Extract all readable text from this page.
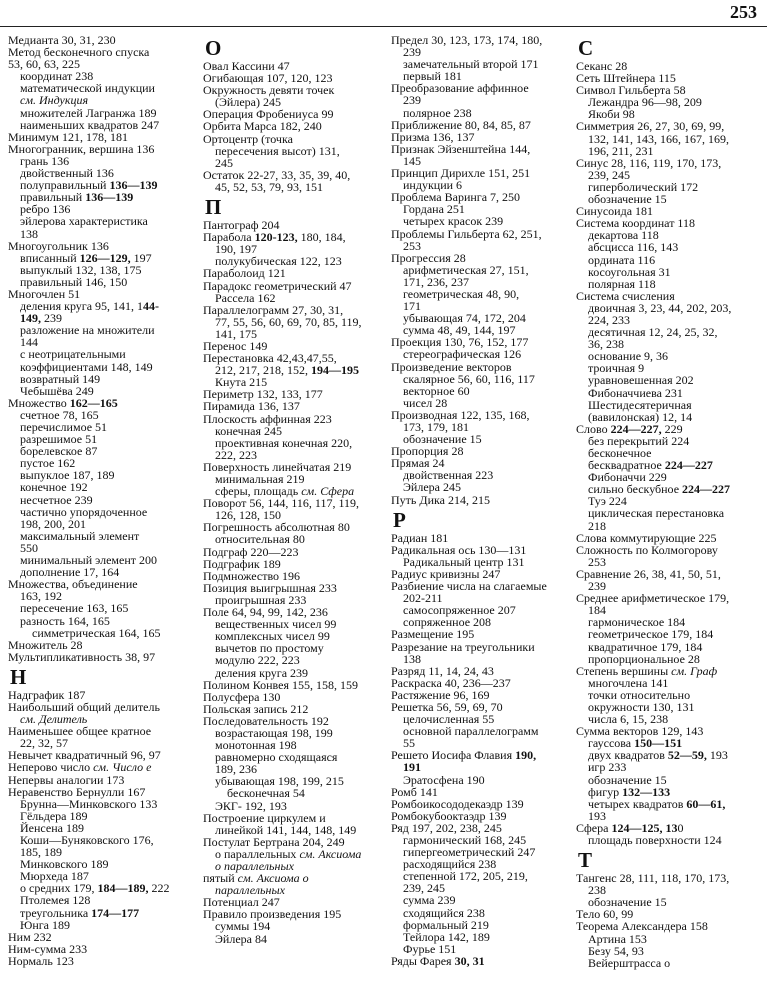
253
Медианта 30, 31, 230
Метод бесконечного спуска
53, 60, 63, 225
координат 238
математической индукции
см. Индукция
множителей Лагранжа 189
наименьших квадратов 247
Минимум 121, 178, 181
Многогранник, вершина 136
грань 136
двойственный 136
полуправильный 136—139
правильный 136—139
ребро 136
эйлерова характеристика
138
Многоугольник 136
вписанный 126—129, 197
выпуклый 132, 138, 175
правильный 146, 150
Многочлен 51
деления круга 95, 141, 144-
149, 239
разложение на множители
144
с неотрицательными
коэффициентами 148, 149
возвратный 149
Чебышёва 249
Множество 162—165
счетное 78, 165
перечислимое 51
разрешимое 51
борелевское 87
пустое 162
выпуклое 187, 189
конечное 192
несчетное 239
частично упорядоченное
198, 200, 201
максимальный элемент
550
минимальный элемент 200
дополнение 17, 164
Множества, объединение
163, 192
пересечение 163, 165
разность 164, 165
симметрическая 164, 165
Множитель 28
Мультипликативность 38, 97
Н
Надграфик 187
Наибольший общий делитель
см. Делитель
Наименьшее общее кратное
22, 32, 57
Невычет квадратичный 96, 97
Неперово число см. Число e
Непервы аналогии 173
Неравенство Бернулли 167
Брунна—Минковского 133
Гёльдера 189
Йенсена 189
Коши—Буняковского 176,
185, 189
Минковского 189
Мюрхеда 187
о средних 179, 184—189, 222
Птолемея 128
треугольника 174—177
Юнга 189
Ним 232
Ним-сумма 233
Нормаль 123
О
Овал Кассини 47
Огибающая 107, 120, 123
Окружность девяти точек
(Эйлера) 245
Операция Фробениуса 99
Орбита Марса 182, 240
Ортоцентр (точка
пересечения высот) 131,
245
Остаток 22-27, 33, 35, 39, 40,
45, 52, 53, 79, 93, 151
П
Пантограф 204
Парабола 120-123, 180, 184,
190, 197
полукубическая 122, 123
Параболоид 121
Парадокс геометрический 47
Расселa 162
Параллелограмм 27, 30, 31,
77, 55, 56, 60, 69, 70, 85, 119,
141, 175
Перенос 149
Перестановка 42,43,47,55,
212, 217, 218, 152, 194—195
Кнута 215
Периметр 132, 133, 177
Пирамида 136, 137
Плоскость аффинная 223
конечная 245
проективная конечная 220,
222, 223
Поверхность линейчатая 219
минимальная 219
сферы, площадь см. Сфера
Поворот 56, 144, 116, 117, 119,
126, 128, 150
Погрешность абсолютная 80
относительная 80
Подграф 220—223
Подграфик 189
Подмножество 196
Позиция выигрышная 233
проигрышная 233
Поле 64, 94, 99, 142, 236
вещественных чисел 99
комплексных чисел 99
вычетов по простому
модулю 222, 223
деления круга 239
Полином Конвея 155, 158, 159
Полусфера 130
Польская запись 212
Последовательность 192
возрастающая 198, 199
монотонная 198
равномерно сходящаяся
189, 236
убывающая 198, 199, 215
бесконечная 54
ЭКГ- 192, 193
Построение циркулем и
линейкой 141, 144, 148, 149
Постулат Бертрана 204, 249
о параллельных см. Аксиома
о параллельных
пятый см. Аксиома о
параллельных
Потенциал 247
Правило произведения 195
суммы 194
Эйлера 84
Предел 30, 123, 173, 174, 180,
239
замечательный второй 171
первый 181
Преобразование аффинное
239
полярное 238
Приближение 80, 84, 85, 87
Призма 136, 137
Признак Эйзенштейна 144,
145
Принцип Дирихле 151, 251
индукции 6
Проблема Варинга 7, 250
Гордана 251
четырех красок 239
Проблемы Гильберта 62, 251,
253
Прогрессия 28
арифметическая 27, 151,
171, 236, 237
геометрическая 48, 90,
171
убывающая 74, 172, 204
сумма 48, 49, 144, 197
Проекция 130, 76, 152, 177
стереографическая 126
Произведение векторов
скалярное 56, 60, 116, 117
векторное 60
чисел 28
Производная 122, 135, 168,
173, 179, 181
обозначение 15
Пропорция 28
Прямая 24
двойственная 223
Эйлера 245
Путь Дика 214, 215
Р
Радиан 181
Радикальная ось 130—131
Радикальный центр 131
Радиус кривизны 247
Разбиение числа на слагаемые
202-211
самосопряженное 207
сопряженное 208
Размещение 195
Разрезание на треугольники
138
Разряд 11, 14, 24, 43
Раскраска 40, 236—237
Растяжение 96, 169
Решетка 56, 59, 69, 70
целочисленная 55
основной параллелограмм
55
Решето Иосифа Флавия 190,
191
Эратосфена 190
Ромб 141
Ромбоикосододекаэдр 139
Ромбокубооктаэдр 139
Ряд 197, 202, 238, 245
гармонический 168, 245
гипергеометрический 247
расходящийся 238
степенной 172, 205, 219,
239, 245
сумма 239
сходящийся 238
формальный 219
Тейлора 142, 189
Фурье 151
Ряды Фарея 30, 31
С
Секанс 28
Сеть Штейнера 115
Символ Гильберта 58
Лежандра 96—98, 209
Якоби 98
Симметрия 26, 27, 30, 69, 99,
132, 141, 143, 166, 167, 169,
196, 211, 231
Синус 28, 116, 119, 170, 173,
239, 245
гиперболический 172
обозначение 15
Синусоида 181
Система координат 118
декартова 118
абсцисса 116, 143
ордината 116
косоугольная 31
полярная 118
Система счисления
двоичная 3, 23, 44, 202, 203,
224, 233
десятичная 12, 24, 25, 32,
36, 238
основание 9, 36
троичная 9
уравновешенная 202
Фибоначчиева 231
Шестидесятеричная
(вавилонская) 12, 14
Слово 224—227, 229
без перекрытий 224
бесконечное
бесквадратное 224—227
Фибоначчи 229
сильно бескубное 224—227
Туэ 224
циклическая перестановка
218
Слова коммутирующие 225
Сложность по Колмогорову
253
Сравнение 26, 38, 41, 50, 51,
239
Среднее арифметическое 179,
184
гармоническое 184
геометрическое 179, 184
квадратичное 179, 184
пропорциональное 28
Степень вершины см. Граф
многочлена 141
точки относительно
окружности 130, 131
числа 6, 15, 238
Сумма векторов 129, 143
гауссова 150—151
двух квадратов 52—59, 193
игр 233
обозначение 15
фигур 132—133
четырех квадратов 60—61,
193
Сфера 124—125, 130
площадь поверхности 124
Т
Тангенс 28, 111, 118, 170, 173,
238
обозначение 15
Тело 60, 99
Теорема Александера 158
Артина 153
Безу 54, 93
Вейерштрасса о
